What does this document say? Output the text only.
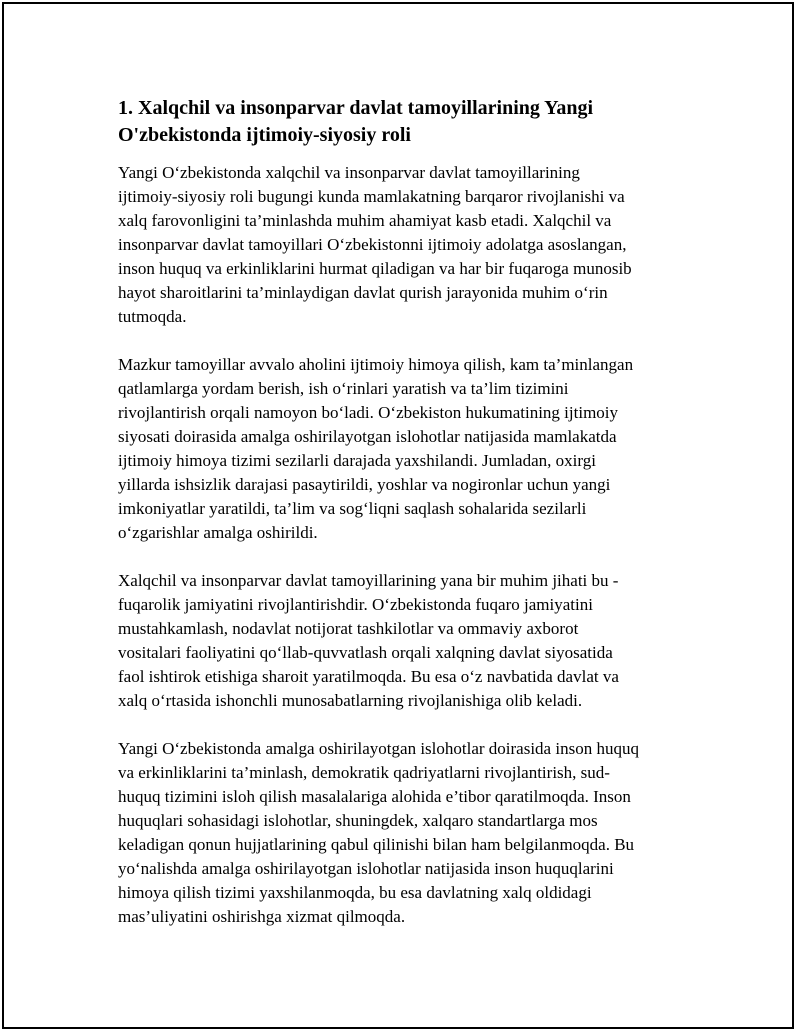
1. Xalqchil va insonparvar davlat tamoyillarining Yangi
O'zbekistonda ijtimoiy-siyosiy roli

Yangi O‘zbekistonda xalqchil va insonparvar davlat tamoyillarining
ijtimoiy-siyosiy roli bugungi kunda mamlakatning barqaror rivojlanishi va
xalq farovonligini ta’minlashda muhim ahamiyat kasb etadi. Xalqchil va
insonparvar davlat tamoyillari O‘zbekistonni ijtimoiy adolatga asoslangan,
inson huquq va erkinliklarini hurmat qiladigan va har bir fuqaroga munosib
hayot sharoitlarini ta’minlaydigan davlat qurish jarayonida muhim o‘rin
tutmoqda.

Mazkur tamoyillar avvalo aholini ijtimoiy himoya qilish, kam ta’minlangan
qatlamlarga yordam berish, ish o‘rinlari yaratish va ta’lim tizimini
rivojlantirish orqali namoyon bo‘ladi. O‘zbekiston hukumatining ijtimoiy
siyosati doirasida amalga oshirilayotgan islohotlar natijasida mamlakatda
ijtimoiy himoya tizimi sezilarli darajada yaxshilandi. Jumladan, oxirgi
yillarda ishsizlik darajasi pasaytirildi, yoshlar va nogironlar uchun yangi
imkoniyatlar yaratildi, ta’lim va sog‘liqni saqlash sohalarida sezilarli
o‘zgarishlar amalga oshirildi.

Xalqchil va insonparvar davlat tamoyillarining yana bir muhim jihati bu -
fuqarolik jamiyatini rivojlantirishdir. O‘zbekistonda fuqaro jamiyatini
mustahkamlash, nodavlat notijorat tashkilotlar va ommaviy axborot
vositalari faoliyatini qo‘llab-quvvatlash orqali xalqning davlat siyosatida
faol ishtirok etishiga sharoit yaratilmoqda. Bu esa o‘z navbatida davlat va
xalq o‘rtasida ishonchli munosabatlarning rivojlanishiga olib keladi.

Yangi O‘zbekistonda amalga oshirilayotgan islohotlar doirasida inson huquq
va erkinliklarini ta’minlash, demokratik qadriyatlarni rivojlantirish, sud-
huquq tizimini isloh qilish masalalariga alohida e’tibor qaratilmoqda. Inson
huquqlari sohasidagi islohotlar, shuningdek, xalqaro standartlarga mos
keladigan qonun hujjatlarining qabul qilinishi bilan ham belgilanmoqda. Bu
yo‘nalishda amalga oshirilayotgan islohotlar natijasida inson huquqlarini
himoya qilish tizimi yaxshilanmoqda, bu esa davlatning xalq oldidagi
mas’uliyatini oshirishga xizmat qilmoqda.
